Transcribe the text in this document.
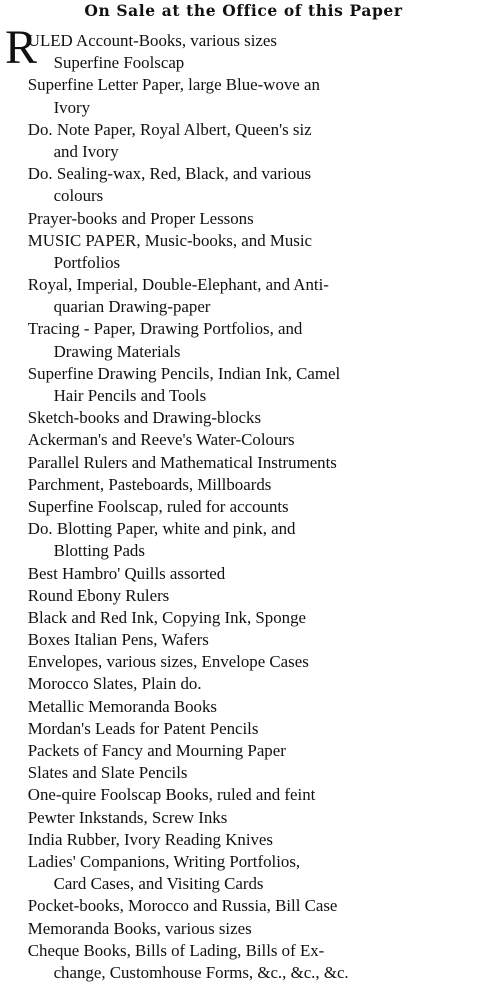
On Sale at the Office of this Paper
R
ULED Account-Books, various sizes
Superfine Foolscap
Superfine Letter Paper, large Blue-wove an
Ivory
Do. Note Paper, Royal Albert, Queen's siz
and Ivory
Do. Sealing-wax, Red, Black, and various
colours
Prayer-books and Proper Lessons
MUSIC PAPER, Music-books, and Music
Portfolios
Royal, Imperial, Double-Elephant, and Anti-
quarian Drawing-paper
Tracing - Paper, Drawing Portfolios, and
Drawing Materials
Superfine Drawing Pencils, Indian Ink, Camel
Hair Pencils and Tools
Sketch-books and Drawing-blocks
Ackerman's and Reeve's Water-Colours
Parallel Rulers and Mathematical Instruments
Parchment, Pasteboards, Millboards
Superfine Foolscap, ruled for accounts
Do. Blotting Paper, white and pink, and
Blotting Pads
Best Hambro' Quills assorted
Round Ebony Rulers
Black and Red Ink, Copying Ink, Sponge
Boxes Italian Pens, Wafers
Envelopes, various sizes, Envelope Cases
Morocco Slates, Plain do.
Metallic Memoranda Books
Mordan's Leads for Patent Pencils
Packets of Fancy and Mourning Paper
Slates and Slate Pencils
One-quire Foolscap Books, ruled and feint
Pewter Inkstands, Screw Inks
India Rubber, Ivory Reading Knives
Ladies' Companions, Writing Portfolios,
Card Cases, and Visiting Cards
Pocket-books, Morocco and Russia, Bill Case
Memoranda Books, various sizes
Cheque Books, Bills of Lading, Bills of Ex-
change, Customhouse Forms, &c., &c., &c.
